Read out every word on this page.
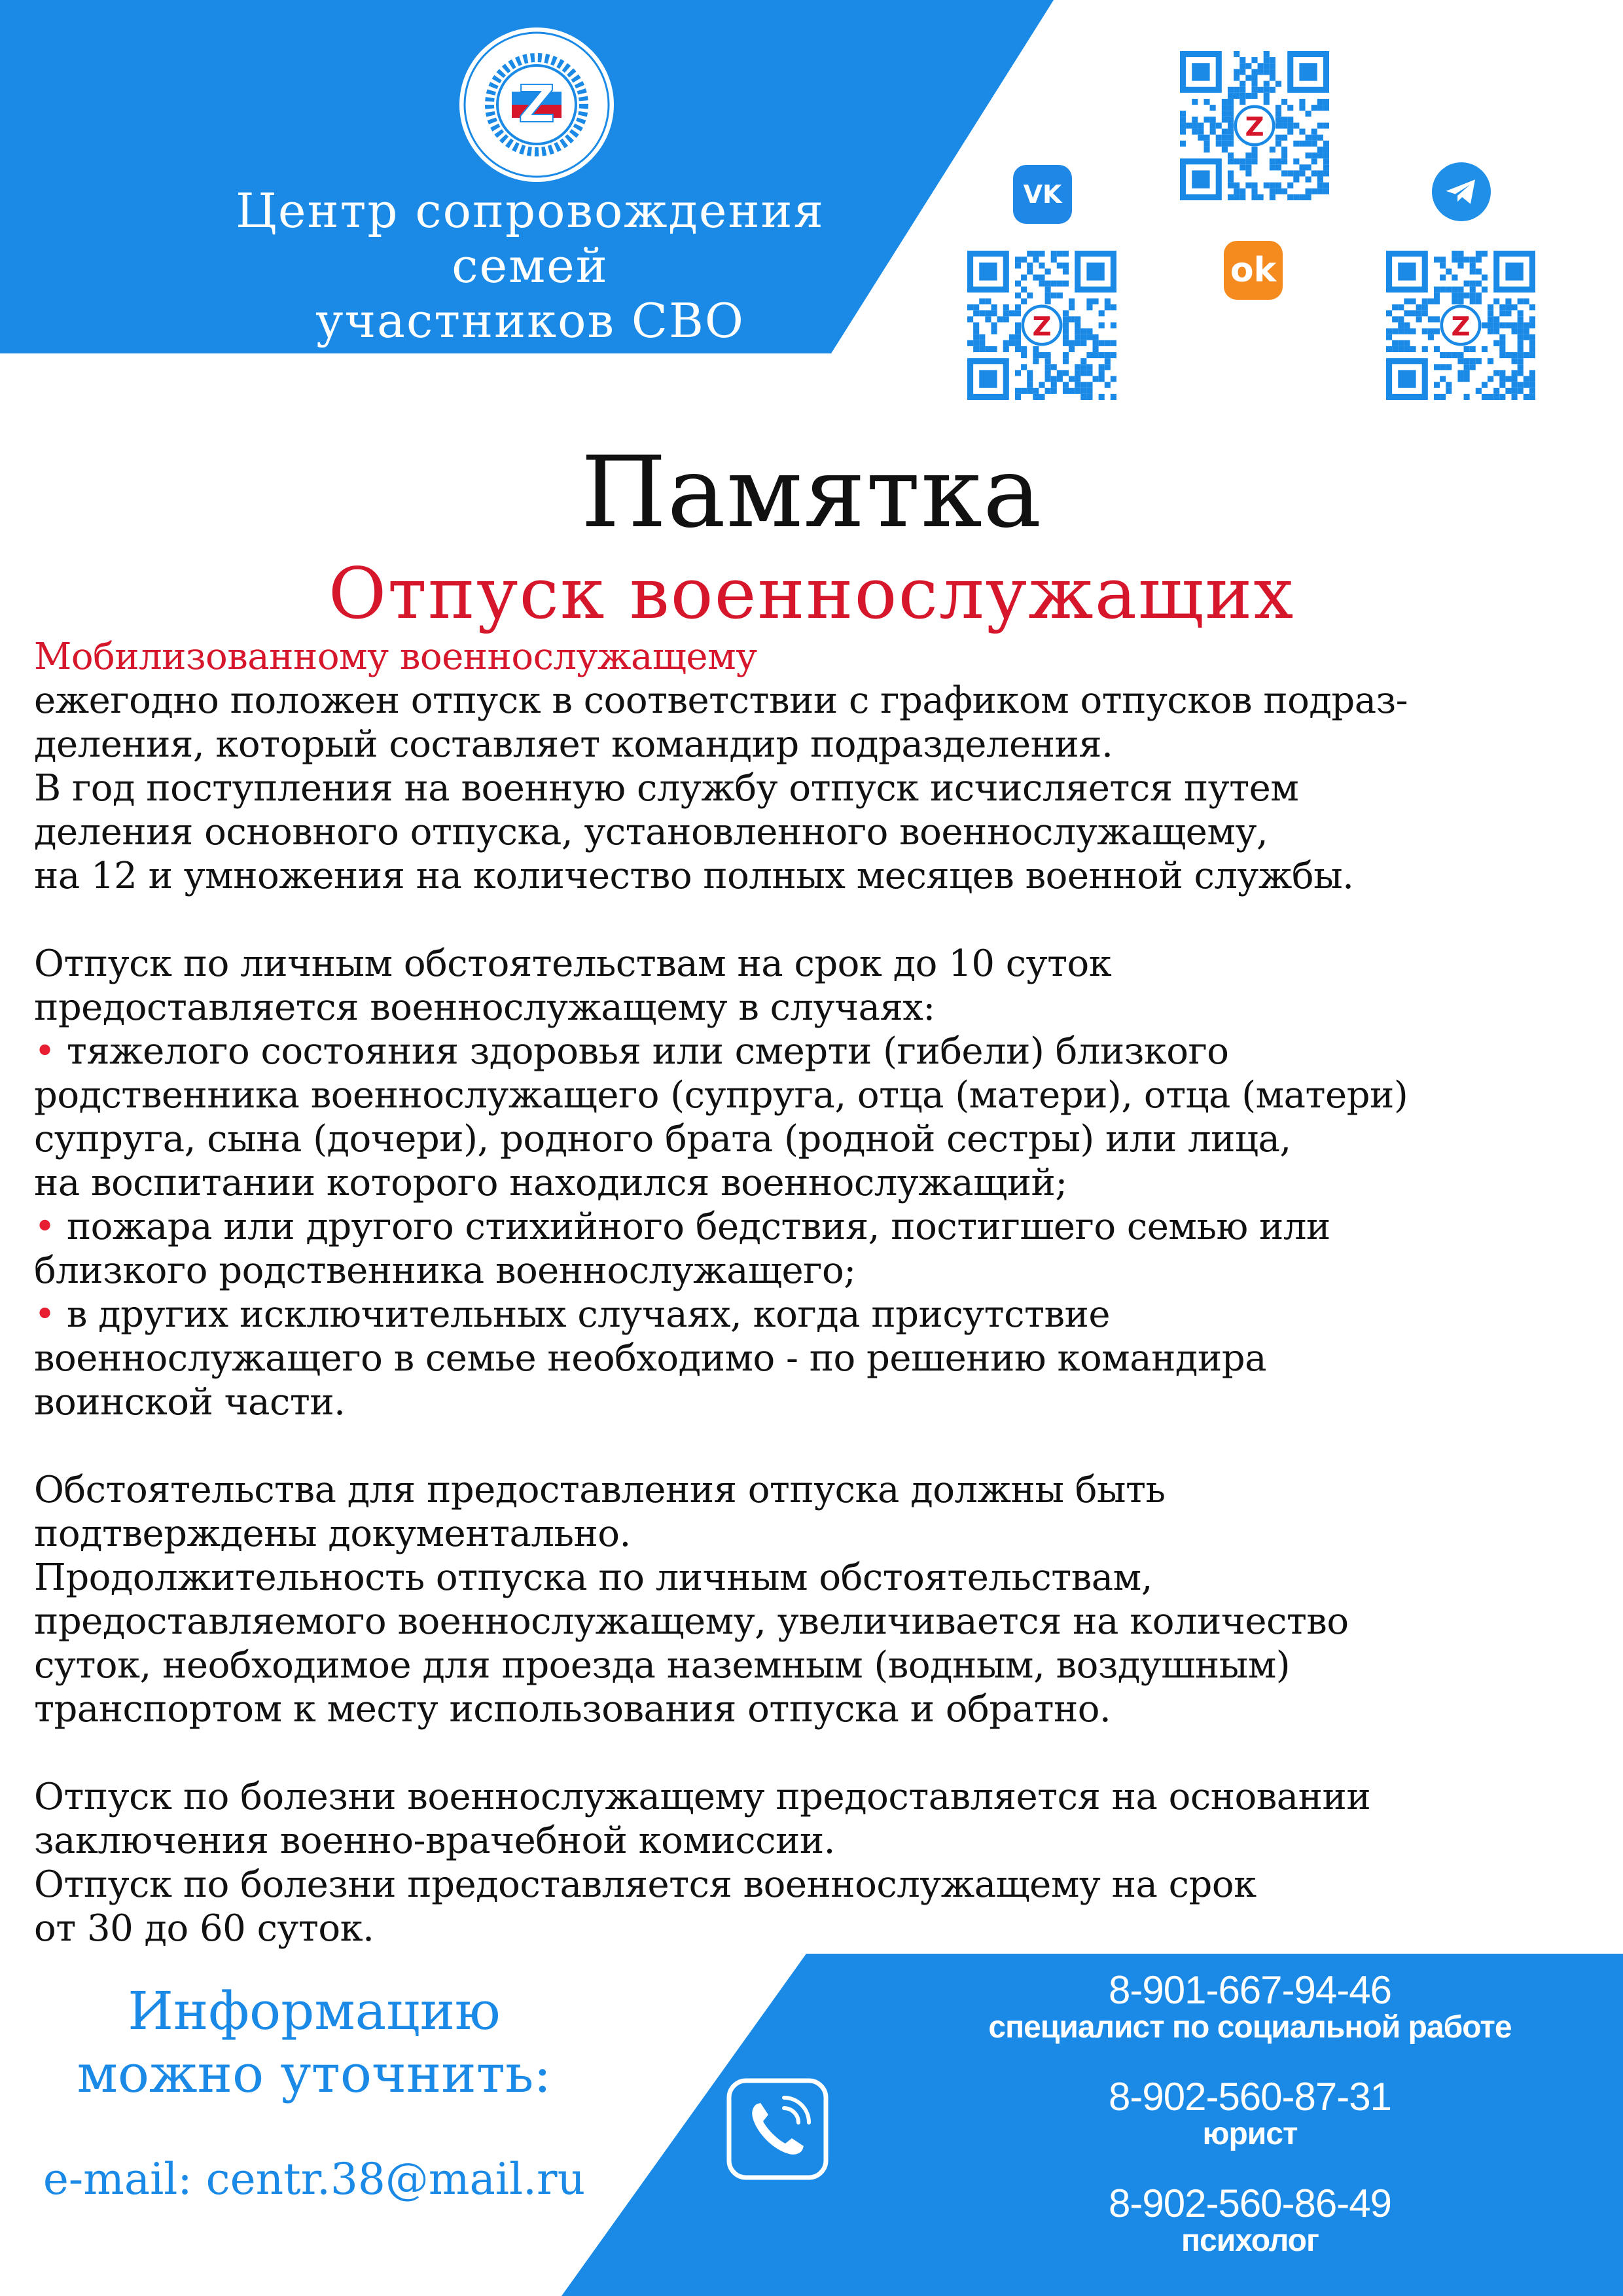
Z
Центр сопровождения
семей
участников СВО
Z
Z	Z
VK
ok
Памятка
Отпуск военнослужащих
Мобилизованному военнослужащему
ежегодно положен отпуск в соответствии с графиком отпусков подраз-
деления, который составляет командир подразделения.
В год поступления на военную службу отпуск исчисляется путем
деления основного отпуска, установленного военнослужащему,
на 12 и умножения на количество полных месяцев военной службы.
Отпуск по личным обстоятельствам на срок до 10 суток
предоставляется военнослужащему в случаях:
• тяжелого состояния здоровья или смерти (гибели) близкого
родственника военнослужащего (супруга, отца (матери), отца (матери)
супруга, сына (дочери), родного брата (родной сестры) или лица,
на воспитании которого находился военнослужащий;
• пожара или другого стихийного бедствия, постигшего семью или
близкого родственника военнослужащего;
• в других исключительных случаях, когда присутствие
военнослужащего в семье необходимо - по решению командира
воинской части.
Обстоятельства для предоставления отпуска должны быть
подтверждены документально.
Продолжительность отпуска по личным обстоятельствам,
предоставляемого военнослужащему, увеличивается на количество
суток, необходимое для проезда наземным (водным, воздушным)
транспортом к месту использования отпуска и обратно.
Отпуск по болезни военнослужащему предоставляется на основании
заключения военно-врачебной комиссии.
Отпуск по болезни предоставляется военнослужащему на срок
от 30 до 60 суток.
Информацию
можно уточнить:
e-mail: centr.38@mail.ru
8-901-667-94-46
специалист по социальной работе
8-902-560-87-31
юрист
8-902-560-86-49
психолог
